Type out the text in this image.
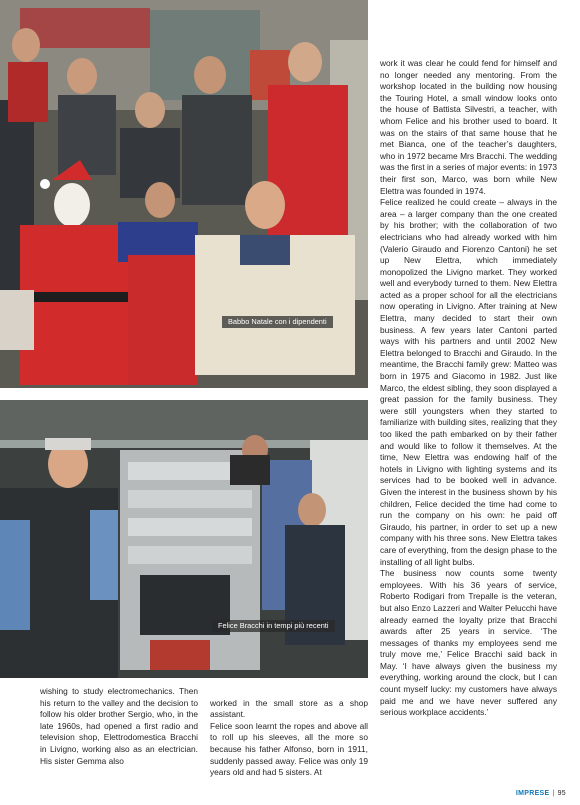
Babbo Natale con i dipendenti
Felice Bracchi in tempi più recenti

wishing to study electromechanics. Then his return to the valley and the decision to follow his older brother Sergio, who, in the late 1960s, had opened a first radio and television shop, Elettrodomestica Bracchi in Livigno, working also as an electrician. His sister Gemma also

worked in the small store as a shop assistant.
Felice soon learnt the ropes and above all to roll up his sleeves, all the more so because his father Alfonso, born in 1911, suddenly passed away. Felice was only 19 years old and had 5 sisters. At

work it was clear he could fend for himself and no longer needed any mentoring. From the workshop located in the building now housing the Touring Hotel, a small window looks onto the house of Battista Silvestri, a teacher, with whom Felice and his brother used to board. It was on the stairs of that same house that he met Bianca, one of the teacher’s daughters, who in 1972 became Mrs Bracchi. The wedding was the first in a series of major events: in 1973 their first son, Marco, was born while New Elettra was founded in 1974.

Felice realized he could create – always in the area – a larger company than the one created by his brother; with the collaboration of two electricians who had already worked with him (Valerio Giraudo and Fiorenzo Cantoni) he set up New Elettra, which immediately monopolized the Livigno market. They worked well and everybody turned to them. New Elettra acted as a proper school for all the electricians now operating in Livigno. After training at New Elettra, many decided to start their own business. A few years later Cantoni parted ways with his partners and until 2002 New Elettra belonged to Bracchi and Giraudo. In the meantime, the Bracchi family grew: Matteo was born in 1975 and Giacomo in 1982. Just like Marco, the eldest sibling, they soon displayed a great passion for the family business. They were still youngsters when they started to familiarize with building sites, realizing that they too liked the path embarked on by their father and would like to follow it themselves. At the time, New Elettra was endowing half of the hotels in Livigno with lighting systems and its services had to be booked well in advance. Given the interest in the business shown by his children, Felice decided the time had come to run the company on his own: he paid off Giraudo, his partner, in order to set up a new company with his three sons. New Elettra takes care of everything, from the design phase to the installing of all light bulbs.

The business now counts some twenty employees. With his 36 years of service, Roberto Rodigari from Trepalle is the veteran, but also Enzo Lazzeri and Walter Pelucchi have already earned the loyalty prize that Bracchi awards after 25 years in service. ‘The messages of thanks my employees send me truly move me,’ Felice Bracchi said back in May. ‘I have always given the business my everything, working around the clock, but I can count myself lucky: my customers have always paid me and we have never suffered any serious workplace accidents.’

IMPRESE | 95
